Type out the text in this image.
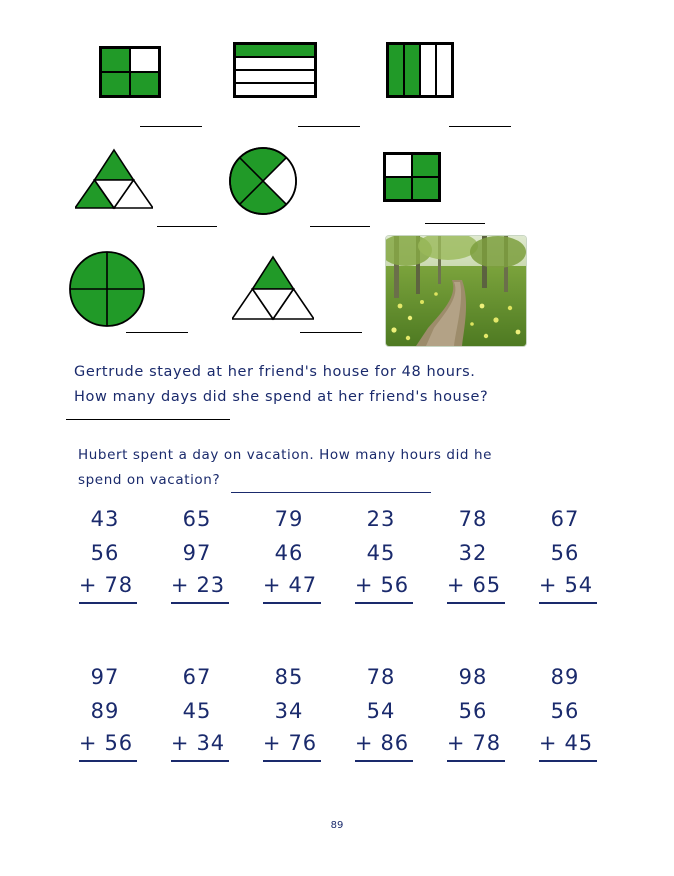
Gertrude stayed at her friend's house for 48 hours.
How many days did she spend at her friend's house?
Hubert spent a day on vacation. How many hours did he
spend on vacation?
43
56
+ 78
65
97
+ 23
79
46
+ 47
23
45
+ 56
78
32
+ 65
67
56
+ 54
97
89
+ 56
67
45
+ 34
85
34
+ 76
78
54
+ 86
98
56
+ 78
89
56
+ 45
89
